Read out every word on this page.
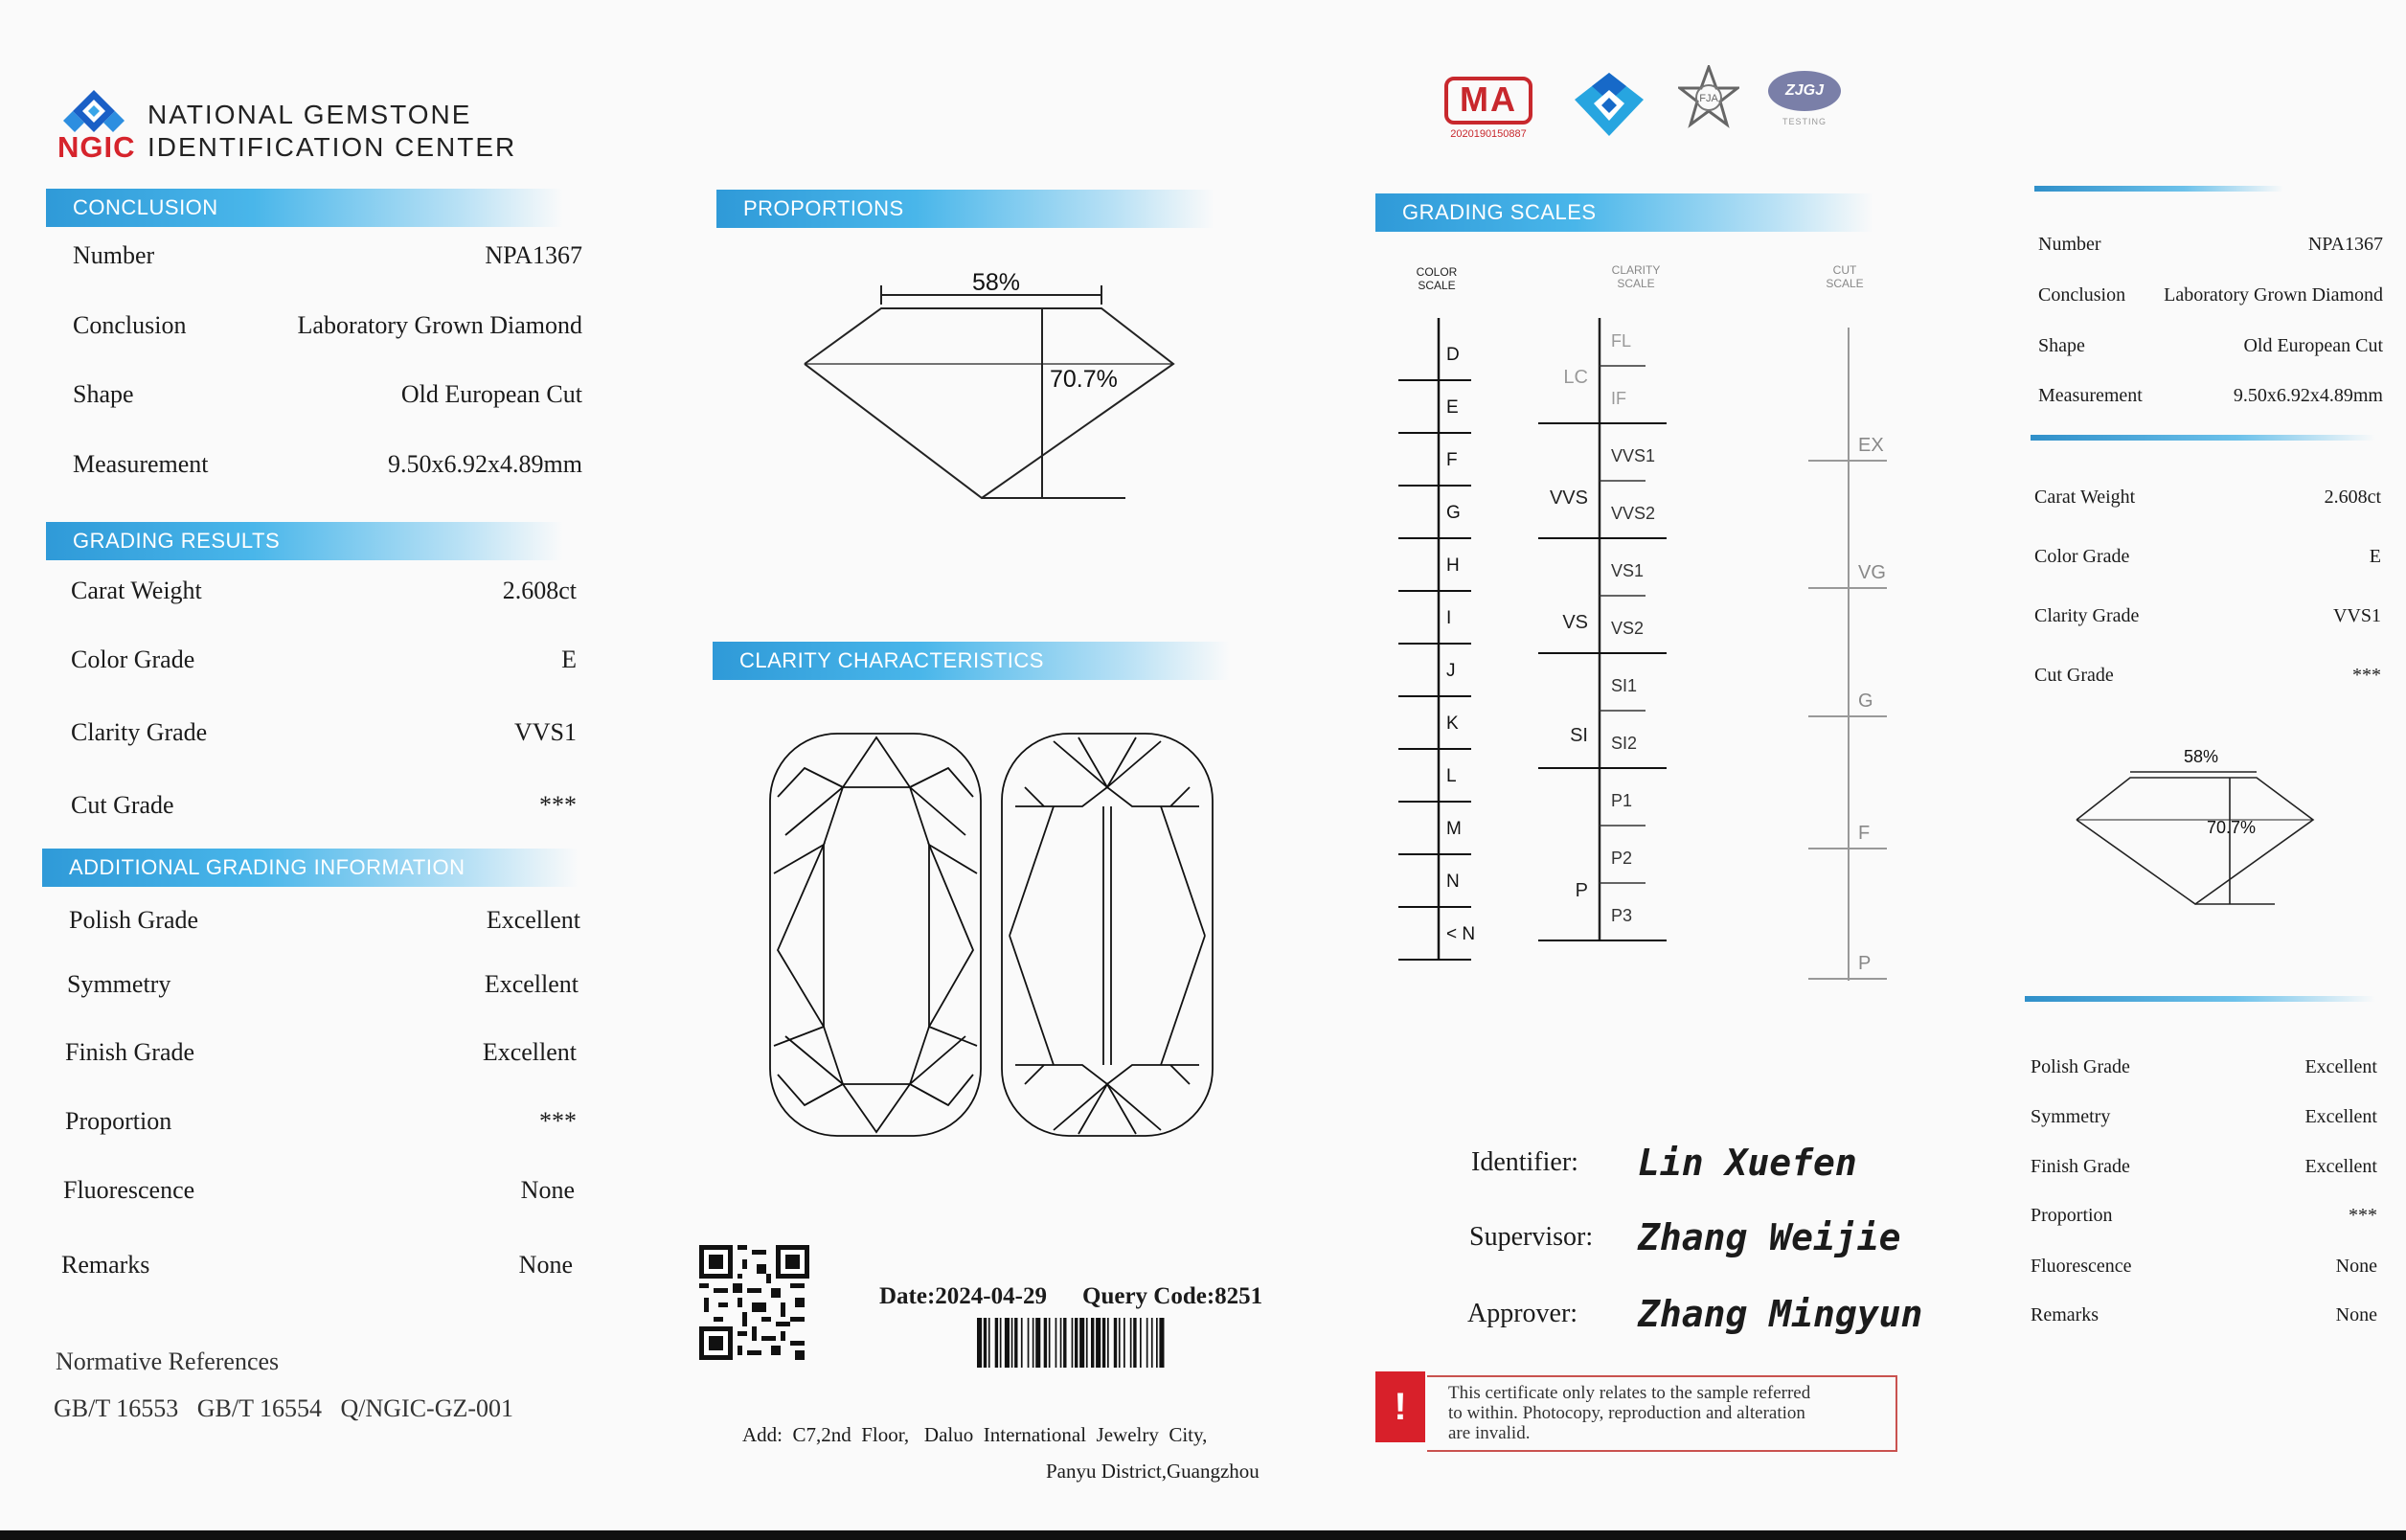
NGIC
NATIONAL GEMSTONE
IDENTIFICATION CENTER
CONCLUSION
Number	NPA1367
Conclusion	Laboratory Grown Diamond
Shape	Old European Cut
Measurement	9.50x6.92x4.89mm
GRADING RESULTS
Carat Weight	2.608ct
Color Grade	E
Clarity Grade	VVS1
Cut Grade	***
ADDITIONAL GRADING INFORMATION
Polish Grade	Excellent
Symmetry	Excellent
Finish Grade	Excellent
Proportion	***
Fluorescence	None
Remarks	None
Normative References
GB/T 16553   GB/T 16554   Q/NGIC-GZ-001
PROPORTIONS
58%
70.7%
CLARITY CHARACTERISTICS
Date:2024-04-29 Query Code:8251
Add:  C7,2nd  Floor,   Daluo  International  Jewelry  City,
Panyu District,Guangzhou
MA
2020190150887
FJA	ZJGJ
TESTING
GRADING SCALES
COLOR
SCALE
CLARITY
SCALE
CUT
SCALE
D
E
F
G
H
I
J
K
L
M
N
< N
FL
IF
VVS1
VVS2
VS1
VS2
SI1
SI2
P1
P2
P3
LC
VVS
VS
SI
P
EX
VG
G
F
P
Identifier: Lin Xuefen
Supervisor: Zhang Weijie
Approver: Zhang Mingyun
!	This certificate only relates to the sample referred
to within. Photocopy, reproduction and alteration
are invalid.
Number	NPA1367
Conclusion Laboratory Grown Diamond
Shape	Old European Cut
Measurement	9.50x6.92x4.89mm
Carat Weight	2.608ct
Color Grade	E
Clarity Grade	VVS1
Cut Grade	***
58%
70.7%
Polish Grade	Excellent
Symmetry	Excellent
Finish Grade	Excellent
Proportion	***
Fluorescence	None
Remarks	None
